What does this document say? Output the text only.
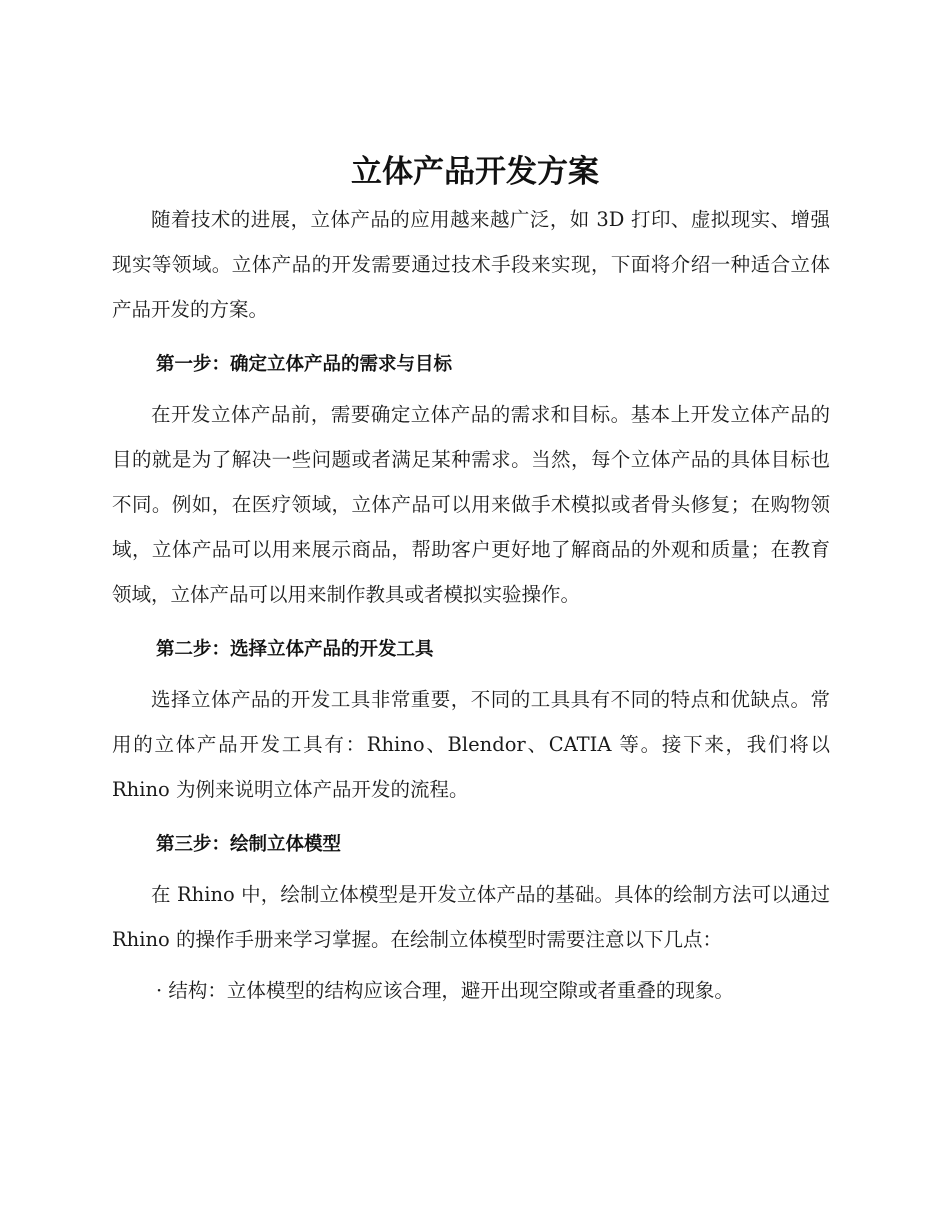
立体产品开发方案

随着技术的进展，立体产品的应用越来越广泛，如 3D 打印、虚拟现实、增强现实等领域。立体产品的开发需要通过技术手段来实现，下面将介绍一种适合立体产品开发的方案。

第一步：确定立体产品的需求与目标

在开发立体产品前，需要确定立体产品的需求和目标。基本上开发立体产品的目的就是为了解决一些问题或者满足某种需求。当然，每个立体产品的具体目标也不同。例如，在医疗领域，立体产品可以用来做手术模拟或者骨头修复；在购物领域，立体产品可以用来展示商品，帮助客户更好地了解商品的外观和质量；在教育领域，立体产品可以用来制作教具或者模拟实验操作。

第二步：选择立体产品的开发工具

选择立体产品的开发工具非常重要，不同的工具具有不同的特点和优缺点。常用的立体产品开发工具有：Rhino、Blendor、CATIA 等。接下来，我们将以 Rhino 为例来说明立体产品开发的流程。

第三步：绘制立体模型

在 Rhino 中，绘制立体模型是开发立体产品的基础。具体的绘制方法可以通过 Rhino 的操作手册来学习掌握。在绘制立体模型时需要注意以下几点：

· 结构：立体模型的结构应该合理，避开出现空隙或者重叠的现象。
